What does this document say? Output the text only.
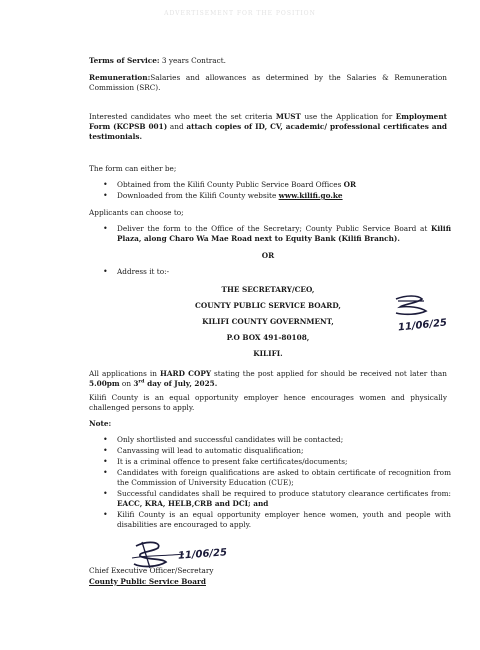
ADVERTISEMENT FOR THE POSITION

Terms of Service: 3 years Contract.

Remuneration:Salaries and allowances as determined by the Salaries & Remuneration Commission (SRC).

Interested candidates who meet the set criteria MUST use the Application for Employment Form (KCPSB 001) and attach copies of ID, CV, academic/ professional certificates and testimonials.

The form can either be;

• Obtained from the Kilifi County Public Service Board Offices OR
• Downloaded from the Kilifi County website www.kilifi.go.ke

Applicants can choose to;

• Deliver the form to the Office of the Secretary; County Public Service Board at Kilifi Plaza, along Charo Wa Mae Road next to Equity Bank (Kilifi Branch).
OR
• Address it to:-
THE SECRETARY/CEO,
COUNTY PUBLIC SERVICE BOARD,
KILIFI COUNTY GOVERNMENT,
P.O BOX 491-80108,
KILIFI.
11/06/25

All applications in HARD COPY stating the post applied for should be received not later than 5.00pm on 3rd day of July, 2025.

Kilifi County is an equal opportunity employer hence encourages women and physically challenged persons to apply.

Note:

• Only shortlisted and successful candidates will be contacted;
• Canvassing will lead to automatic disqualification;
• It is a criminal offence to present fake certificates/documents;
• Candidates with foreign qualifications are asked to obtain certificate of recognition from the Commission of University Education (CUE);
• Successful candidates shall be required to produce statutory clearance certificates from: EACC, KRA, HELB,CRB and DCI; and
• Kilifi County is an equal opportunity employer hence women, youth and people with disabilities are encouraged to apply.
11/06/25

Chief Executive Officer/Secretary

County Public Service Board
